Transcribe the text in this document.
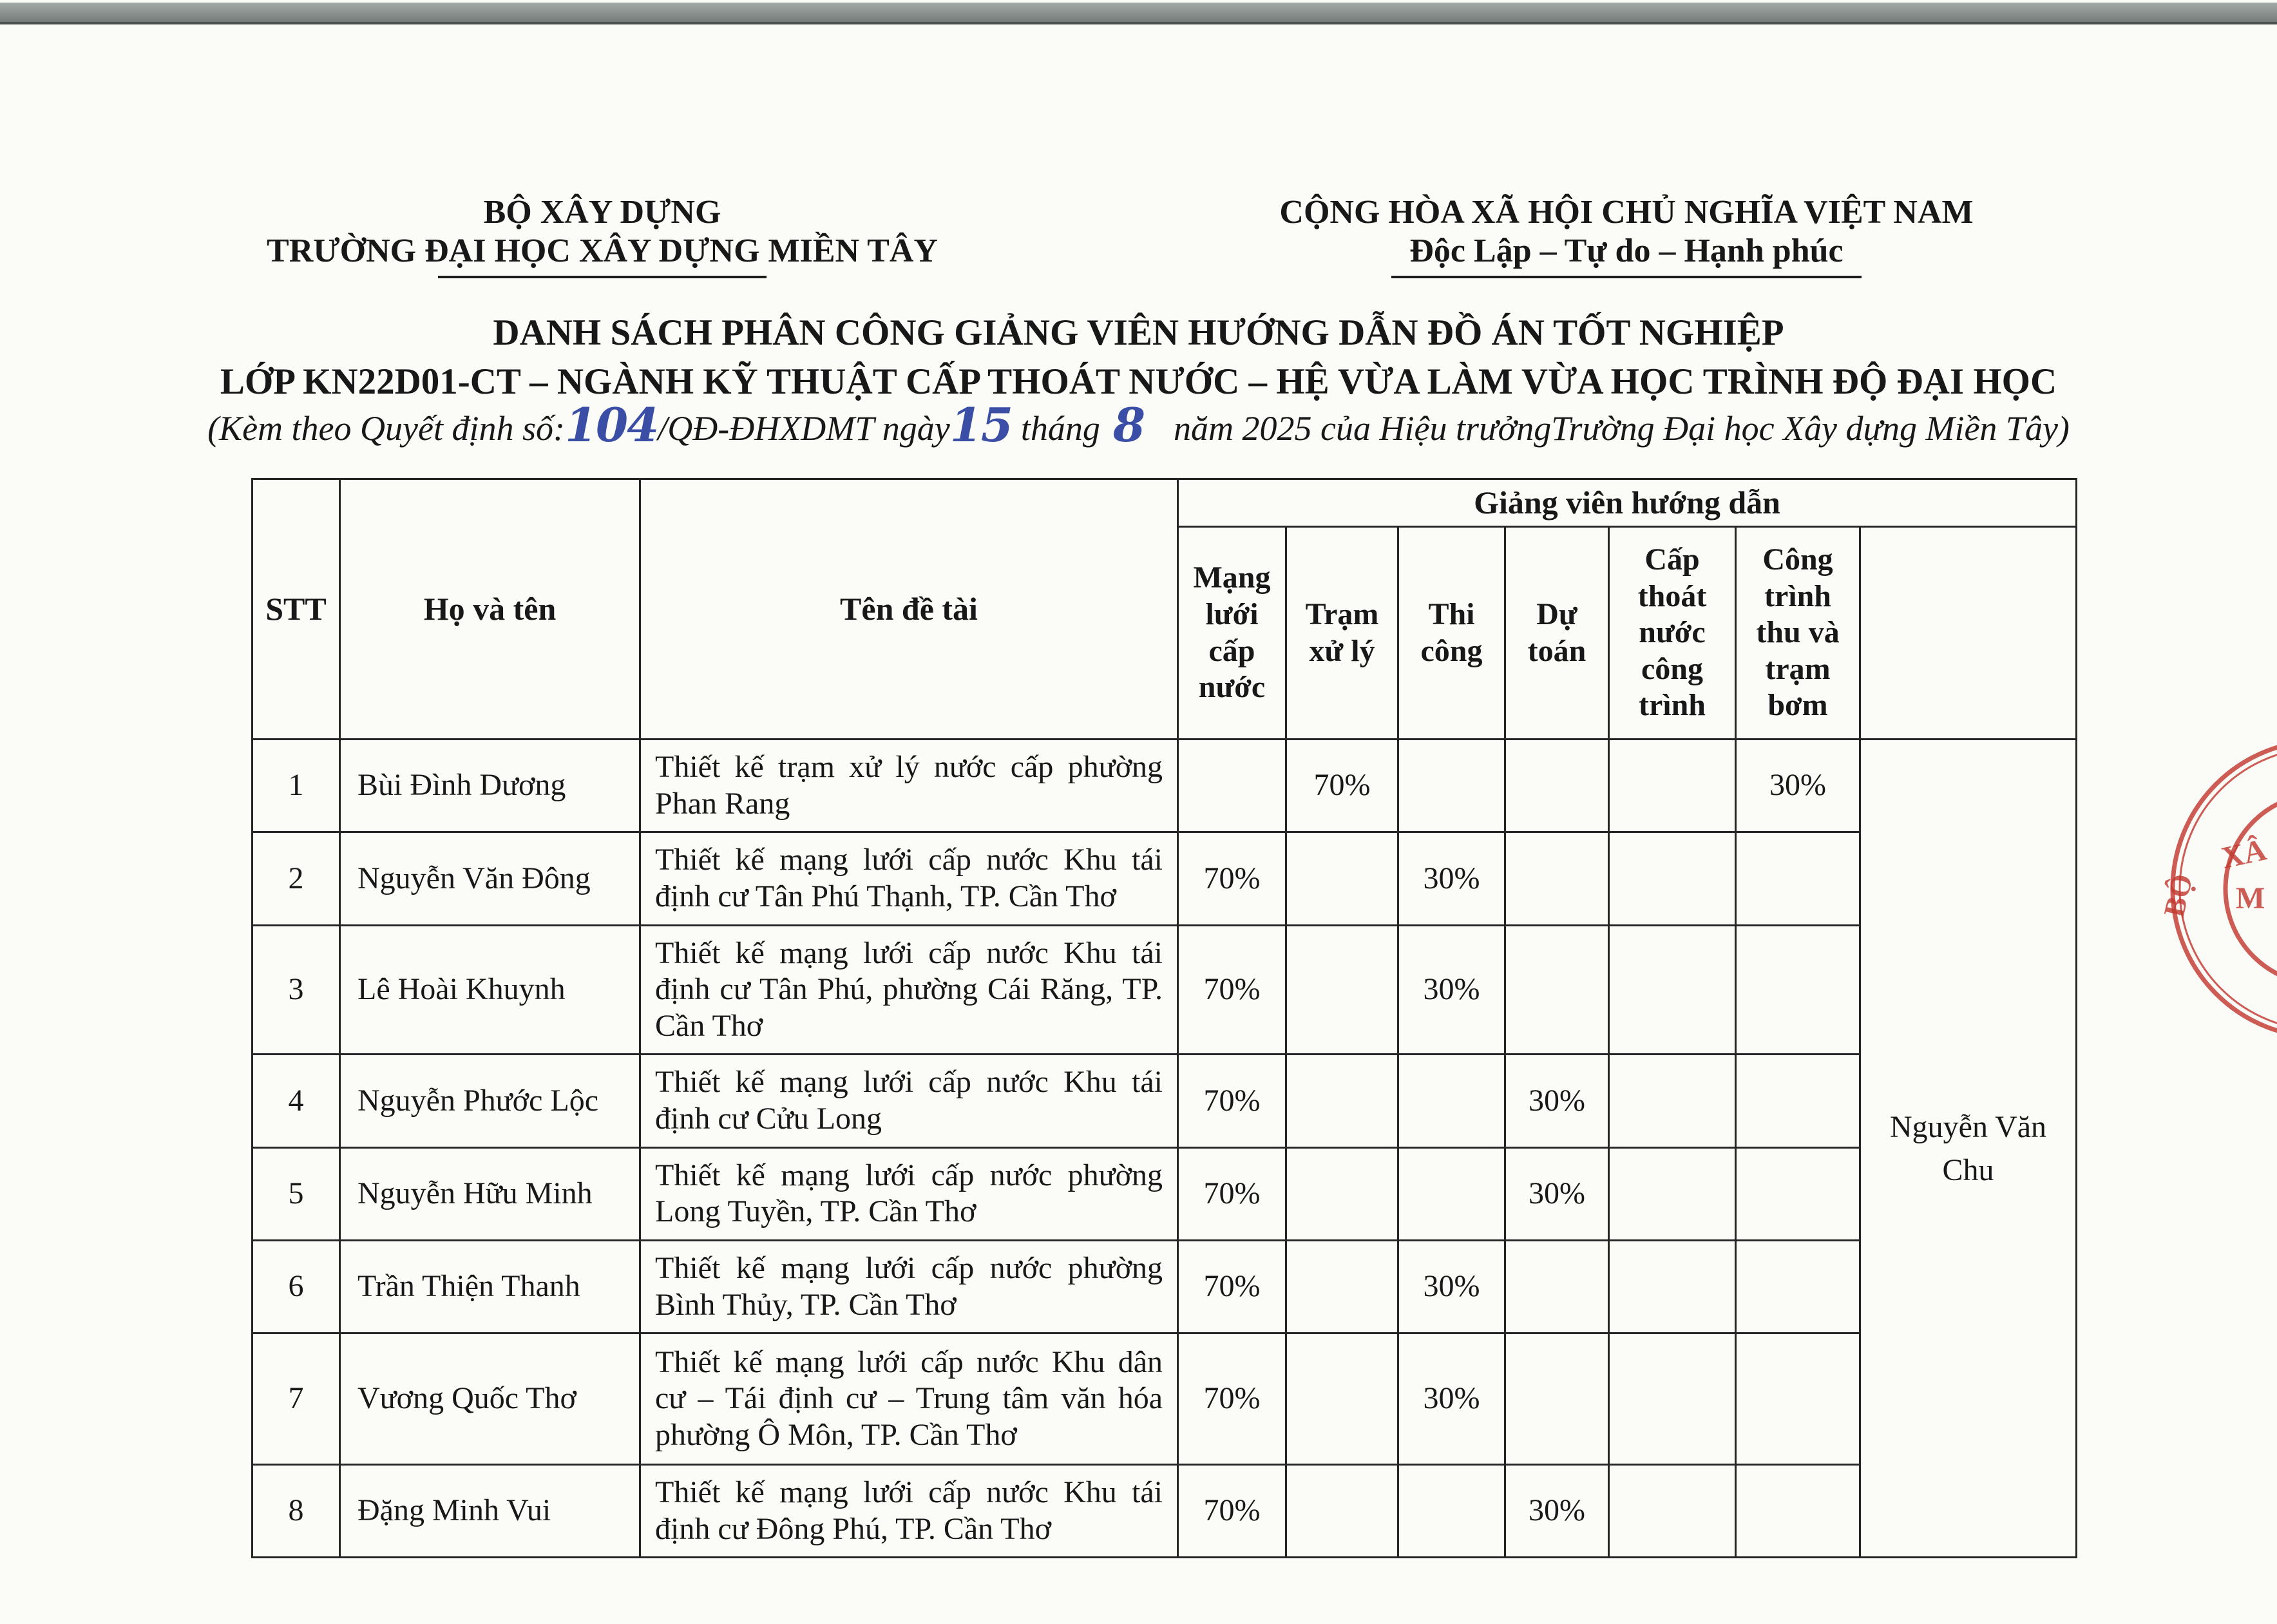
BỘ XÂY DỰNG
TRƯỜNG ĐẠI HỌC XÂY DỰNG MIỀN TÂY
CỘNG HÒA XÃ HỘI CHỦ NGHĨA VIỆT NAM
Độc Lập – Tự do – Hạnh phúc
DANH SÁCH PHÂN CÔNG GIẢNG VIÊN HƯỚNG DẪN ĐỒ ÁN TỐT NGHIỆP
LỚP KN22D01-CT – NGÀNH KỸ THUẬT CẤP THOÁT NƯỚC – HỆ VỪA LÀM VỪA HỌC TRÌNH ĐỘ ĐẠI HỌC
(Kèm theo Quyết định số:104/QĐ-ĐHXDMT ngày15 tháng 8 năm 2025 của Hiệu trưởngTrường Đại học Xây dựng Miền Tây)
STT	Họ và tên	Tên đề tài	Giảng viên hướng dẫn						
			Mạng lưới cấp nước	Trạm xử lý	Thi công	Dự toán	Cấp thoát nước công trình	Công trình thu và trạm bơm	
1	Bùi Đình Dương	Thiết kế trạm xử lý nước cấp phường Phan Rang		70%				30%	Nguyễn Văn Chu
2	Nguyễn Văn Đông	Thiết kế mạng lưới cấp nước Khu tái định cư Tân Phú Thạnh, TP. Cần Thơ	70%		30%				
3	Lê Hoài Khuynh	Thiết kế mạng lưới cấp nước Khu tái định cư Tân Phú, phường Cái Răng, TP. Cần Thơ	70%		30%				
4	Nguyễn Phước Lộc	Thiết kế mạng lưới cấp nước Khu tái định cư Cửu Long	70%			30%			
5	Nguyễn Hữu Minh	Thiết kế mạng lưới cấp nước phường Long Tuyền, TP. Cần Thơ	70%			30%			
6	Trần Thiện Thanh	Thiết kế mạng lưới cấp nước phường Bình Thủy, TP. Cần Thơ	70%		30%				
7	Vương Quốc Thơ	Thiết kế mạng lưới cấp nước Khu dân cư – Tái định cư – Trung tâm văn hóa phường Ô Môn, TP. Cần Thơ	70%		30%				
8	Đặng Minh Vui	Thiết kế mạng lưới cấp nước Khu tái định cư Đông Phú, TP. Cần Thơ	70%			30%			
BỘ
XÂ
M
